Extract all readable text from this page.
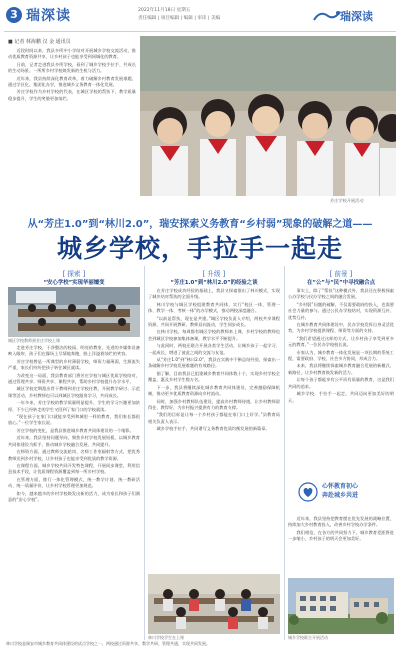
3 瑞深读	2022年11月18日 星期五
责任编辑 | 项目编辑 | 编辑 | 审读 | 美编	瑞深读
■ 记者 林海鹏 汉 金 通讯员

近段时间以来，我县多所中小学结对开展城乡学校交流活动，推动优质教育资源共享，让乡村孩子也能享受到同城化的教育。

日前，记者走进我县多所学校，看到了城乡学校手拉手、共成长的生动场景。一所所乡村学校焕发新的生机与活力。

近年来，我县持续深化教育改革，着力破解乡村教育发展难题，通过学区化、集团化办学，推进城乡义务教育一体化发展。

芳庄学校作为乡村学校的代表，在城区学校的帮扶下，教学质量稳步提升，学生的笑脸更加灿烂。

芳庄学校开展活动
从“芳庄1.0”到“林川2.0”，瑞安探索义务教育“乡村弱”现象的破解之道——
城乡学校，手拉手一起走
[ 探索 ]
“安心学校”实现华丽嬗变
城区学校教师到芳庄学校上课

走进芳庄学校，干净整洁的校园、明亮的教室、先进的多媒体设备映入眼帘，孩子们在操场上尽情地奔跑，脸上洋溢着灿烂的笑容。

芳庄学校曾是一所典型的乡村薄弱学校，师资力量薄弱，生源流失严重，家长们纷纷把孩子转往城区就读。

为改变这一局面，我县教育部门将芳庄学校与城区优质学校结对，通过管理共享、师资共享、课程共享，帮助乡村学校提升办学水平。

城区学校定期派出骨干教师到芳庄学校任教，开展教学研讨、示范课等活动，乡村教师也可以到城区学校跟岗学习，共同成长。

一年多来，芳庄学校的教学质量明显提升，学生的学习兴趣更加浓厚，不少已经转走的学生又回到了家门口的学校就读。

“现在孩子在家门口就能享受到和城里一样的教育，我们家长都很放心。”一位学生家长说。

芳庄学校的变化，是我县推进城乡教育共同体建设的一个缩影。

近年来，我县坚持问题导向，聚焦乡村学校发展短板，以城乡教育共同体建设为抓手，推动城乡学校融合发展、共同提升。

在师资方面，通过教师交流轮岗、名师工作室辐射等方式，把优秀教师送到乡村学校，让乡村孩子也能享受到优质的教学资源。

在课程方面，城乡学校共同开发特色课程，开展同步课堂，利用信息技术手段，让优质课程资源覆盖到每一所乡村学校。

在管理方面，推行一体化管理模式，统一教学计划、统一教研活动、统一质量评价，让乡村学校管理更加规范。

如今，越来越多的乡村学校焕发出新的活力，成为家长和孩子们满意的“安心学校”。

[ 升级 ]
“芳庄1.0”到“林川2.0”的经验之谈

在芳庄学校成功经验的基础上，我县又探索推出了林川模式，实现了城乡结对帮扶的全面升级。

林川学校与城区学校组建教育共同体，实行“校区一体、管理一体、教学一体、考核一体”的办学模式，推动两校深度融合。

“以前是帮扶，现在是共建。”城区学校负责人介绍，两校共享课程资源、共同开展教研，教师双向流动，学生同步成长。

在林川学校，每周都有城区学校的教师来上课，乡村学校的教师也会到城区学校参加集体备课，教学水平不断提升。

与此同时，两校还联合开展各类学生活动，让城乡孩子一起学习、一起成长，增进了彼此之间的交流与友谊。

从“芳庄1.0”到“林川2.0”，我县在实践中不断总结经验，探索出一条破解乡村学校发展难题的有效路径。

据了解，目前我县已组建城乡教育共同体数十个，实现乡村学校全覆盖，惠及乡村学生数万名。

下一步，我县将继续深化城乡教育共同体建设，完善激励保障机制，推动更多优质教育资源向乡村流动。

同时，加强乡村教师队伍建设，提高乡村教师待遇，让乡村教师留得住、教得好，为乡村振兴提供有力的教育支撑。

“我们的目标是让每一个乡村孩子都能在家门口上好学。”县教育局相关负责人表示。

城乡学校手拉手，共同谱写义务教育优质均衡发展的新篇章。

林川学校学生在上课
[ 前景 ]
在“公”与“民”中寻找融合点

事实上，除了“帮扶”这种模式外，我县还在积极探索公办学校与民办学校之间的融合发展。

“乡村弱”问题的破解，不仅需要政府的投入，也需要社会力量的参与。通过公民办学校结对，实现资源互补、优势互补。

在城乡教育共同体建设中，民办学校发挥自身灵活优势，为乡村学校提供课程、师资等方面的支持。

“我们希望通过这样的方式，让乡村孩子享受到更多元的教育。”一位民办学校校长说。

专家认为，城乡教育一体化发展是一项长期的系统工程，需要政府、学校、社会多方协同，形成合力。

未来，我县将继续探索城乡教育融合发展的新模式、新路径，让乡村教育焕发新的活力。

让每个孩子都能享有公平而有质量的教育，这是我们共同的追求。

城乡学校，手拉手一起走，共同迈向更加美好的明天。

心怀教育初心
奔赴城乡共进

近年来，我县坚持把教育摆在优先发展的战略位置，持续加大乡村教育投入，改善乡村学校办学条件。

我们相信，在各方的共同努力下，城乡教育差距将进一步缩小，乡村孩子的明天会更加美好。

城乡学校联合开展活动
林川学校是瑞安市城乡教育共同体建设的试点学校之一，两校通过资源共享、教学共研、管理共通，实现共同发展。
